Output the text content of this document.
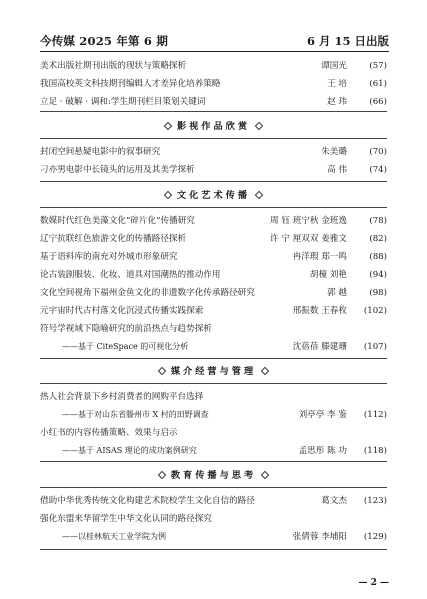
今传媒 2025 年第 6 期	6 月 15 日出版
美术出版社期刊出版的现状与策略探析	谭国光	(57)
我国高校英文科技期刊编辑人才差异化培养策略	王 培	(61)
立足 · 破解 · 调和:学生期刊栏目策划关键词	赵 玮	(66)
影视作品欣赏
封闭空间悬疑电影中的叙事研究	朱美璐	(70)
刁亦男电影中长镜头的运用及其美学探析	高 伟	(74)
文化艺术传播
数媒时代红色美藻文化“碎片化”传播研究	周 钰 班宁秋 金班逸	(78)
辽宁抗联红色旅游文化的传播路径探析	许 宁 厘双双 姜雅文	(82)
基于语料库的南充对外城市形象研究	冉洋瑕 郑一鸣	(88)
论古装剧服装、化妆、道具对国潮热的推动作用	胡橦 刘艳	(94)
文化空间视角下福州金鱼文化的非遗数字化传承路径研究	郭 越	(98)
元宇宙时代古村落文化沉浸式传播实践探索	邢振数 王春枚 (102)
符号学视域下隐喻研究的前沿热点与趋势探析
——基于 CiteSpace 的可视化分析	沈蓓蓓 滕建珊 (107)
媒介经营与管理
热人社会背景下乡村消费者的网购平台选择
——基于对山东省滕州市 X 村的田野调查	刘亭亭 李 鉴 (112)
小红书的内容传播策略、效果与启示
——基于 AISAS 理论的成功案例研究	孟思彤 陈 功 (118)
教育传播与思考
借助中华优秀传统文化构建艺术院校学生文化自信的路径	葛文杰 (123)
强化东盟来华留学生中华文化认同的路径探究
——以桂林航天工业学院为例	张倩蓉 李埔阳 (129)
— 2 —
